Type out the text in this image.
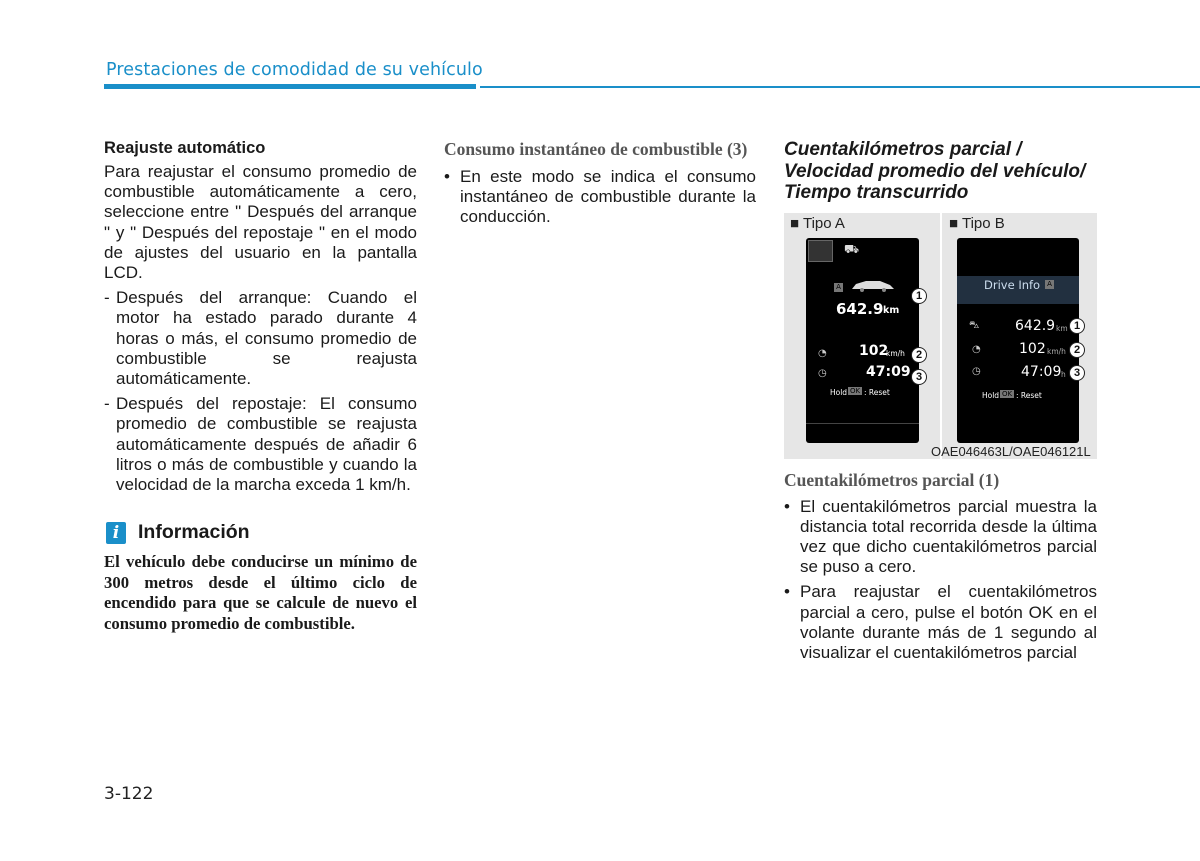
Prestaciones de comodidad de su vehículo
Reajuste automático

Para reajustar el consumo promedio de combustible automáticamente a cero, seleccione entre " Después del arranque " y " Después del repostaje " en el modo de ajustes del usuario en la pantalla LCD.

- Después del arranque: Cuando el motor ha estado parado durante 4 horas o más, el consumo promedio de combustible se reajusta automáticamente.
- Después del repostaje: El consumo promedio de combustible se reajusta automáticamente después de añadir 6 litros o más de combustible y cuando la velocidad de la marcha exceda 1 km/h.
i Información
El vehículo debe conducirse un mínimo de 300 metros desde el último ciclo de encendido para que se calcule de nuevo el consumo promedio de combustible.

Consumo instantáneo de combustible (3)

• En este modo se indica el consumo instantáneo de combustible durante la conducción.

Cuentakilómetros parcial / Velocidad promedio del vehículo/ Tiempo transcurrido

■ Tipo A	■ Tipo B
⛟
A
642.9 km
◔ 102
km/h
◷	47:09
Hold OK : Reset
Drive Info A
⛍	642.9 km
◔	102 km/h
◷	47:09 h
Hold OK : Reset
1
2
3
1
2
3
OAE046463L/OAE046121L

Cuentakilómetros parcial (1)

• El cuentakilómetros parcial muestra la distancia total recorrida desde la última vez que dicho cuentakilómetros parcial se puso a cero.
• Para reajustar el cuentakilómetros parcial a cero, pulse el botón OK en el volante durante más de 1 segundo al visualizar el cuentakilómetros parcial
3-122
